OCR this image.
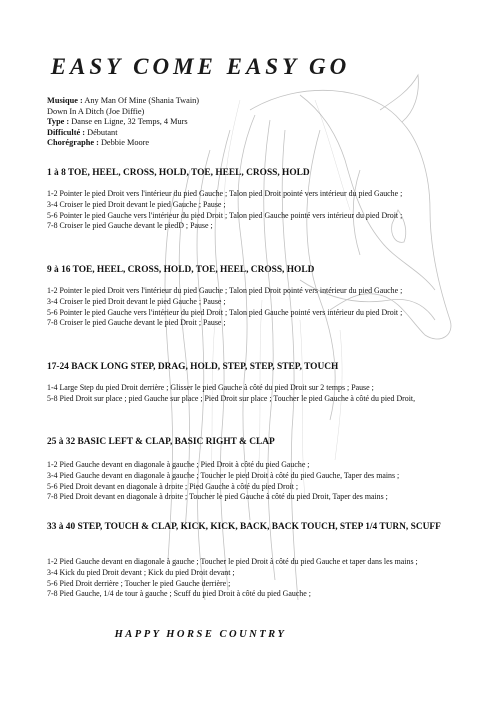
EASY COME EASY GO
Musique : Any Man Of Mine (Shania Twain)
Down In A Ditch (Joe Diffie)
Type : Danse en Ligne, 32 Temps, 4 Murs
Difficulté : Débutant
Chorégraphe : Debbie Moore
1 à 8 TOE, HEEL, CROSS, HOLD, TOE, HEEL, CROSS, HOLD
1-2 Pointer le pied Droit vers l'intérieur du pied Gauche ; Talon pied Droit pointé vers intérieur du pied Gauche ;
3-4 Croiser le pied Droit devant le pied Gauche ; Pause ;
5-6 Pointer le pied Gauche vers l'intérieur du pied Droit ; Talon pied Gauche pointé vers intérieur du pied Droit ;
7-8 Croiser le pied Gauche devant le piedD ; Pause ;
9 à 16 TOE, HEEL, CROSS, HOLD, TOE, HEEL, CROSS, HOLD
1-2 Pointer le pied Droit vers l'intérieur du pied Gauche ; Talon pied Droit pointé vers intérieur du pied Gauche ;
3-4 Croiser le pied Droit devant le pied Gauche ; Pause ;
5-6 Pointer le pied Gauche vers l'intérieur du pied Droit ; Talon pied Gauche pointé vers intérieur du pied Droit ;
7-8 Croiser le pied Gauche devant le pied Droit ; Pause ;
17-24 BACK LONG STEP, DRAG, HOLD, STEP, STEP, STEP, TOUCH
1-4 Large Step du pied Droit derrière ; Glisser le pied Gauche à côté du pied Droit sur 2 temps ; Pause ;
5-8 Pied Droit sur place ; pied Gauche sur place ; Pied Droit sur place ; Toucher le pied Gauche à côté du pied Droit,
25 à 32 BASIC LEFT & CLAP, BASIC RIGHT & CLAP
1-2 Pied Gauche devant en diagonale à gauche ; Pied Droit à côté du pied Gauche ;
3-4 Pied Gauche devant en diagonale à gauche ; Toucher le pied Droit à côté du pied Gauche, Taper des mains ;
5-6 Pied Droit devant en diagonale à droite ; Pied Gauche à côté du pied Droit ;
7-8 Pied Droit devant en diagonale à droite ; Toucher le pied Gauche à côté du pied Droit, Taper des mains ;
33 à 40 STEP, TOUCH & CLAP, KICK, KICK, BACK, BACK TOUCH, STEP 1/4 TURN, SCUFF
1-2 Pied Gauche devant en diagonale à gauche ; Toucher le pied Droit à côté du pied Gauche et taper dans les mains ;
3-4 Kick du pied Droit devant ; Kick du pied Droit devant ;
5-6 Pied Droit derrière ; Toucher le pied Gauche derrière ;
7-8 Pied Gauche, 1/4 de tour à gauche ; Scuff du pied Droit à côté du pied Gauche ;
HAPPY HORSE COUNTRY
